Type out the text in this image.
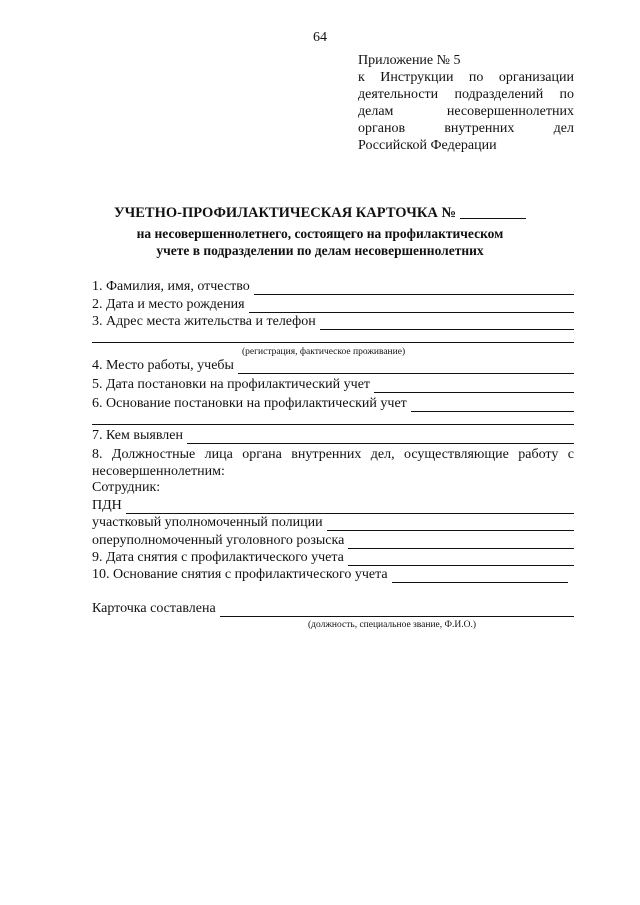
64
Приложение № 5
к Инструкции по организации
деятельности подразделений по
делам несовершеннолетних
органов внутренних дел
Российской Федерации
УЧЕТНО-ПРОФИЛАКТИЧЕСКАЯ КАРТОЧКА №
на несовершеннолетнего, состоящего на профилактическом
учете в подразделении по делам несовершеннолетних
1. Фамилия, имя, отчество
2. Дата и место рождения
3. Адрес места жительства и телефон
(регистрация, фактическое проживание)
4. Место работы, учебы
5. Дата постановки на профилактический учет
6. Основание постановки на профилактический учет
7. Кем выявлен
8. Должностные лица органа внутренних дел, осуществляющие работу с
несовершеннолетним:
Сотрудник:
ПДН
участковый уполномоченный полиции
оперуполномоченный уголовного розыска
9. Дата снятия с профилактического учета
10. Основание снятия с профилактического учета
Карточка составлена
(должность, специальное звание, Ф.И.О.)
